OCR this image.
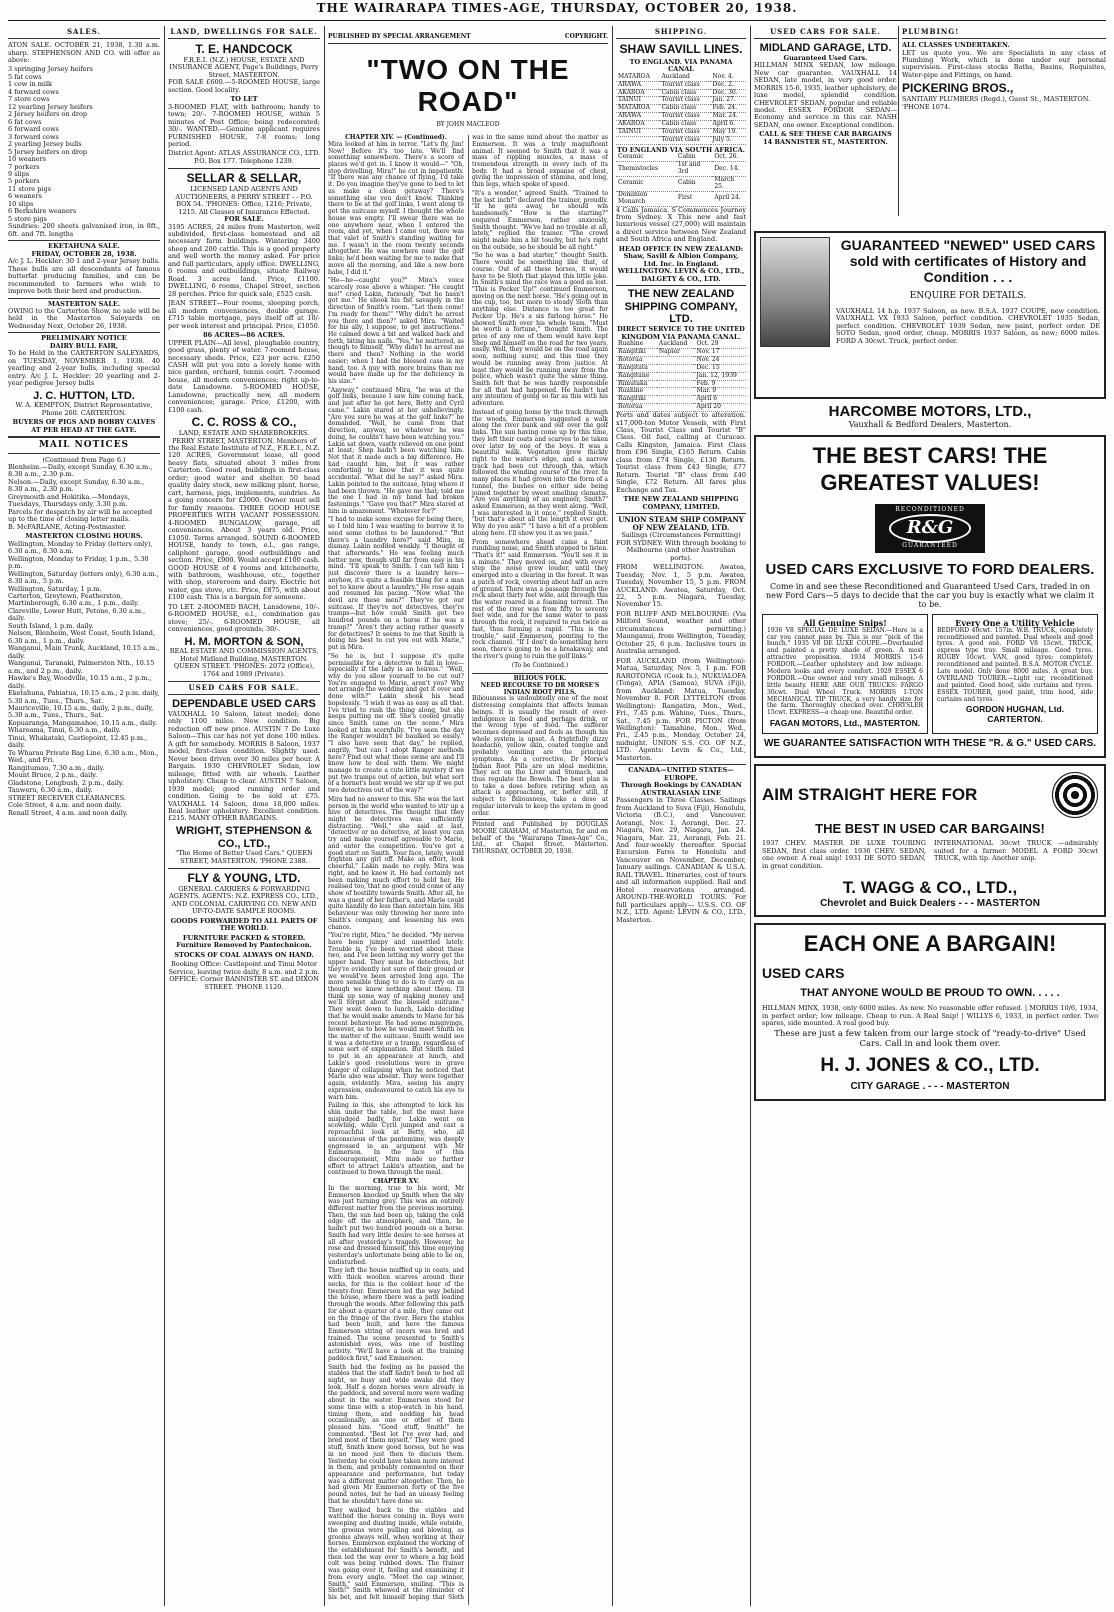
THE WAIRARAPA TIMES-AGE, THURSDAY, OCTOBER 20, 1938.
SALES.

ATON SALE. OCTOBER 21, 1938, 1.30 a.m. sharp. STEPHENSON AND CO. will offer as above:

3 springing Jersey heifers
5 fat cows
1 cow in milk
4 forward cows
7 store cows
12 yearling Jersey heifers
2 Jersey heifers on drop
6 fat cows
6 forward cows
3 forward cows
2 yearling Jersey bulls
5 Jersey heifers on drop
10 weaners
7 porkers
9 slips
5 porkers
11 store pigs
6 weaners
10 slips
6 Berkshire weaners
5 store pigs

Sundries: 200 sheets galvanised iron, in 8ft., 6ft. and 7ft. lengths

EKETAHUNA SALE.
FRIDAY, OCTOBER 28, 1938.

A/c J. L. Heckler: 30 1 and 2-year Jersey bulls. These bulls are all descendants of famous butterfat producing families, and can be recommended to farmers who wish to improve both their herd and production.

MASTERTON SALE.

OWING to the Carterton Show, no sale will be held in the Masterton Saleyards on Wednesday Next, October 26, 1938.

PRELIMINARY NOTICE
DAIRY BULL FAIR,

To be Held in the CARTERTON SALEYARDS, on TUESDAY, NOVEMBER 1, 1938. 40 yearling and 2-year bulls, including special entry. A/c J. L. Heckler: 20 yearling and 2-year pedigree Jersey bulls

J. C. HUTTON, LTD.
W. A. KEMPTON, District Representative, Phone 260. CARTERTON.
BUYERS OF PIGS AND BOBBY CALVES AT PER HEAD AT THE GATE.
MAIL NOTICES
(Continued from Page 6.)
Blenheim.—Daily, except Sunday, 6.30 a.m., 8.30 a.m., 2.30 p.m.
Nelson.—Daily, except Sunday, 6.30 a.m., 8.30 a.m., 2.30 p.m.
Greymouth and Hokitika.—Mondays, Tuesdays, Thursdays only, 3.30 p.m.
Parcels for despatch by air will be accepted up to the time of closing letter mails.
B. McFARLANE, Acting-Postmaster.
MASTERTON CLOSING HOURS.
Wellington, Monday to Friday (letters only), 6.30 a.m., 8.30 a.m.
Wellington, Monday to Friday, 1 p.m., 5.30 p.m.
Wellington, Saturday (letters only), 6.30 a.m., 8.30 a.m., 5 p.m.
Wellington, Saturday, 1 p.m.
Carterton, Greytown, Featherston, Martinborough, 6.30 a.m., 1 p.m., daily.
Clareville, Lower Hutt, Petone, 6.30 a.m., daily.
South Island, 1 p.m. daily.
Nelson, Blenheim, West Coast, South Island, 6.30 a.m., 1 p.m., daily.
Wanganui, Main Trunk, Auckland, 10.15 a.m., daily.
Wanganui, Taranaki, Palmerston Nth., 10.15 a.m., and 2 p.m., daily.
Hawke's Bay, Woodville, 10.15 a.m., 2 p.m., daily.
Eketahuna, Pahiatua, 10.15 a.m., 2 p.m. daily, 5.30 a.m., Tues., Thurs., Sat.
Mauriceville, 10.15 a.m., daily, 2 p.m., daily, 5.30 a.m., Tues., Thurs., Sat.
Kopuaranga, Mangamahoe, 10.15 a.m., daily.
Whareama, Tinui, 6.30 a.m., daily.
Tinui, Whakataki, Castlepoint, 12.45 p.m., daily.
Te Wharau Private Bag Line, 6.30 a.m., Mon., Wed., and Fri.
Rangitumau, 7.30 a.m., daily.
Mount Bruce, 2 p.m., daily.
Gladstone, Longbush, 2 p.m., daily.
Tauweru, 6.30 a.m., daily.
STREET RECEIVER CLEARANCES.
Cole Street, 4 a.m. and noon daily.
Renall Street, 4 a.m. and noon daily.
LAND, DWELLINGS FOR SALE.
T. E. HANDCOCK
F.R.E.I. (N.Z.) HOUSE, ESTATE AND INSURANCE AGENT, Page's Buildings, Perry Street, MASTERTON.

FOR SALE £600.—5-ROOMED HOUSE, large section. Good locality.

TO LET

3-ROOMED FLAT, with bathroom; handy to town; 20/-. 7-ROOMED HOUSE, within 5 minutes of Post Office; being redecorated; 30/-. WANTED.—Genuine applicant requires FURNISHED HOUSE, 7-8 rooms; long period.

District Agent: ATLAS ASSURANCE CO., LTD. P.O. Box 177. Telephone 1239.
SELLAR & SELLAR,
LICENSED LAND AGENTS AND AUCTIONEERS, 8 PERRY STREET - - P.O. BOX 54. 'PHONES: Office, 1216; Private, 1215. All Classes of Insurance Effected.
FOR SALE.

3195 ACRES, 24 miles from Masterton, well subdivided, first-class homestead and all necessary farm buildings. Wintering 3400 sheep and 200 cattle. This is a good property and well worth the money asked. For price and full particulars, apply office. DWELLING, 6 rooms and outbuildings, situate Railway Road. 3 acres land. Price, £1100. DWELLING, 6 rooms, Chapel Street, section 28 perches. Price for quick sale, £525 cash.

JEAN STREET—Four rooms, sleeping porch, all modern conveniences, double garage. £715 table mortgage, pays itself off at 10/- per week interest and principal. Price, £1050.

86 ACRES—86 ACRES.

UPPER PLAIN—All level, ploughable country, good grass, plenty of water. 7-roomed house, necessary sheds. Price, £23 per acre. £250 CASH will put you into a lovely home with nice garden, orchard, tennis court. 7-roomed house, all modern conveniences; right up-to-date Lansdowne. 5-ROOMED HOUSE, Lansdowne, practically new, all modern conveniences; garage. Price, £1200, with £100 cash.

C. C. ROSS & CO.,
LAND, ESTATE AND SHAREBROKERS. PERRY STREET, MASTERTON. Members of the Real Estate Institute of N.Z., F.R.E.I., N.Z.

120 ACRES, Government lease, all good heavy flats, situated about 3 miles from Carterton. Good road, buildings in first-class order; good water and shelter. 50 head quality dairy stock, new milking plant, horse, cart, harness, pigs, implements, sundries. As a going concern for £2000. Owner must sell for family reasons. THREE GOOD HOUSE PROPERTIES WITH VACANT POSSESSION. 4-ROOMED BUNGALOW, garage, all conveniences. About 3 years old. Price, £1050. Terms arranged. SOUND 6-ROOMED HOUSE, handy to town, e.l., gas range, caliphont garage, good outbuildings and section. Price, £900. Would accept £100 cash. GOOD HOUSE of 4 rooms and kitchenette, with bathroom, washhouse, etc., together with shop, storeroom and dairy. Electric hot water, gas stove, etc. Price, £875, with about £100 cash. This is a bargain for someone.

TO LET. 2-ROOMED BACH, Lansdowne, 10/-. 6-ROOMED HOUSE, e.l., combination gas stove; 25/-. 6-ROOMED HOUSE, all conveniences, good grounds; 30/-.

H. M. MORTON & SON,
REAL ESTATE AND COMMISSION AGENTS, Hotel Midland Building, MASTERTON. QUEEN STREET. 'PHONES: 2072 (Office), 1764 and 1989 (Private).
USED CARS FOR SALE.
DEPENDABLE USED CARS

VAUXHALL 10 Saloon, latest model; done only 1100 miles. New condition. Big reduction off new price. AUSTIN 7 De Luxe Saloon—This car has not yet done 100 miles. A gift for somebody. MORRIS 8 Saloon, 1937 model, first-class condition. Slightly used. Never been driven over 30 miles per hour. A Bargain. 1930 CHEVROLET Sedan, low mileage, fitted with air wheels. Leather upholstery. Cheap to clear. AUSTIN 7 Saloon, 1939 model; good running order and condition. Going to be sold at £75. VAUXHALL 14 Saloon, done 18,000 miles. Real leather upholstery. Excellent condition. £215. MANY OTHER BARGAINS.

WRIGHT, STEPHENSON & CO., LTD.,
"The Home of Better Used Cars." QUEEN STREET, MASTERTON. 'PHONE 2388.
FLY & YOUNG, LTD.
GENERAL CARRIERS & FORWARDING AGENTS. AGENTS: N.Z. EXPRESS CO., LTD., AND COLONIAL CARRYING CO. NEW AND UP-TO-DATE SAMPLE ROOMS.
GOODS FORWARDED TO ALL PARTS OF THE WORLD.
FURNITURE PACKED & STORED. Furniture Removed by Pantechnicon.
STOCKS OF COAL ALWAYS ON HAND.
Booking Office: Castlepoint and Tinui Motor Service, leaving twice daily, 8 a.m. and 2 p.m. OFFICE: Corner BANNISTER ST. and DIXON STREET. 'PHONE 1120.
PUBLISHED BY SPECIAL ARRANGEMENT	COPYRIGHT.
"TWO ON THE ROAD"
BY JOHN MACLEOD
CHAPTER XIV. — (Continued).

Mira looked at him in terror. "Let's fly, Jim! Now! Before it's too late. We'll find something somewhere. There's a score of places we'd get in. I know it would—" "Oh, stop drivelling, Mira!" he cut in impatiently. "If there was any chance of flying, I'd take it. Do you imagine they've gone to bed to let us make a clean getaway? There's something else you don't know. Thinking there to be at the golf links, I went along to get the suitcase myself. I thought the whole house was empty. I'll swear there was no one anywhere near, when I entered the room, and yet, when I came out, there was that valet of Smith's standing waiting for me. I wasn't in the room twenty seconds altogether. He was nowhere near the golf links; he'd been waiting for me to make that move all the morning, and like a new born babe, I did it."

"He—he—caught you?" Mira's voice scarcely rose above a whisper. "He caught me!" cried Lakin, furiously, "but he hasn't got me." He shook his fist savagely in the direction of Smith's room. "Let them come! I'm ready for them!" "Why didn't he arrest you there and then?" asked Mira. "Waited for his ally, I suppose, to get instructions." He calmed down a bit and walked back and forth, biting his nails. "Yes," he muttered, as though to himself, "Why didn't he arrest me there and then? Nothing in the world easier; when I had the blessed case in my hand, too. A guy with more brains than me would have made up for the deficiency in his size."

"Anyway," continued Mira, "he was at the golf links, because I saw him coming back, and just after he got here, Betty and Cyril came." Lakin stared at her unbelievingly. "Are you sure he was at the golf links?" he demanded. "Well, he came from that direction, anyway, so whatever he was doing, he couldn't have been watching you." Lakin sat down, vastly relieved on one point at least; Shep hadn't been watching him. Not that it made such a big difference. He had caught him, but it was rather comforting to know that it was quite accidental. "What did he say?" asked Mira. Lakin pointed to the suitcase, lying where it had been thrown. "He gave me that; told me the one I had in my hand had broken fastenings." "Gave you that?" Mira stared at him in amazement. "Whatever for?"

"I had to make some excuse for being there, so I told him I was wanting to borrow it to send some clothes to be laundered." "But there's a laundry here?" said Mira, in dismay. Lakin nodded weakly. "I thought of that afterwards." He was feeling much better now, though still far from easy in his mind. "I'll speak to Smith. I can tell him I just discover there is a laundry here—anyhow, it's quite a feasible thing for a man not to know about a laundry." He rose again and resumed his pacing. "Now what the devil are these men?" They've got our suitcase. If they're not detectives, they're tramps—but how could Smith get two hundred pounds on a horse if he was a tramp?" "Aren't they acting rather queerly for detectives? It seems to me that Smith is doing his best to cut you out with Marie," put in Mira.

"So he is, but I suppose it's quite permissible for a detective to fall in love—especially if the lady is an heiress." "Well, why do you allow yourself to be cut out? You're engaged to Marie, aren't you? Why not arrange the wedding and get it over and done with?" Lakin shook his head hopelessly. "I wish it was as easy as all that. I've tried to rush the thing along, but she keeps putting me off. She's cooled greatly since Smith came on the scene." Mira looked at him scornfully. "I've seen the day the Ranger wouldn't be baulked so easily." "I also have seen that day," he replied, angrily, "but can I adopt Ranger methods here? Find out what these swine are and I'll know how to deal with them. We might manage to create a cute little mystery if we put two tramps out of action, but what sort of a hornet's nest would we stir up if we put two detectives out of the way?"

Mira had no answer to this. She was the last person in the world who wanted to stir up a hive of detectives. The thought that they might be detectives was sufficiently distracting. "Well," she said at last, "detective or no detective, at least you can try and make yourself agreeable to Marie, and enter the competition. You've got a good start on Smith. Your face, lately, would frighten any girl off. Make an effort, look cheerful." Lakin made no reply. Mira was right, and he knew it. He had certainly not been making much effort to hold her. He realised too, that no good could come of any show of hostility towards Smith. After all, he was a guest of her father's, and Marie could quite handily do less than entertain him. His behaviour was only throwing her more into Smith's company, and lessening his own chance.

"You're right, Mira," he decided. "My nerves have been jumpy and unsettled lately. Trouble is, I've been worried about these two, and I've been letting my worry get the upper hand. They must be detectives, but they're evidently not sure of their ground or we would've been arrested long ago. The more sensible thing to do is to carry on as though we knew nothing about them. I'll think up some way of making money and we'll forget about the blessed suitcase." They went down to lunch, Lakin deciding that he would make amends to Marie for his recent behaviour. He had some misgivings, however, as to how he would meet Smith on the matter of the suitcase. Smith would see it was a detective or a tramp, regardless of some sort of explanation. But Smith failed to put in an appearance at lunch, and Lakin's good resolutions were in grave danger of collapsing when he noticed that Marie also was absent. They were together again, evidently. Mira, seeing his angry expression, endeavoured to catch his eye to warn him.

Failing in this, she attempted to kick his shin under the table, but the must have misjudged badly, for Lakin went on scowling, while Cyril jumped and cast a reproachful look at Betty, who, all unconscious of the pantomime, was deeply engrossed in an argument with Mr Emmerson. In the face of this discouragement, Mira made no further effort to attract Lakin's attention, and he continued to frown through the meal.

CHAPTER XV.

In the morning, true to his word, Mr Emmerson knocked up Smith when the sky was just turning grey. This was an entirely different matter from the previous morning. Then, the sun had been up, taking the cold edge off the atmosphere, and then, he hadn't put two hundred pounds on a horse. Smith had very little desire to see horses at all after yesterday's tragedy. However, he rose and dressed himself, this time enjoying yesterday's unfortunate being able to lie on, undisturbed.

They left the house muffled up in coats, and with thick woollen scarves around their necks, for this is the coldest hour of the twenty-four. Emmerson led the way behind the house, where there was a path leading through the woods. After following this path for about a quarter of a mile, they came out on the fringe of the river. Here the stables had been built, and here the famous Emmerson string of racers was bred and trained. The scene presented to Smith's astonished eyes, was one of bustling activity. "We'll have a look at the training paddock first," said Emmerson.

Smith had the feeling as he passed the stables that the staff hadn't been to bed all night, so busy and wide awake did they look. Half a dozen horses were already in the paddock, and several more were wading about in the water. Emmerson stood for some time with a stop-watch in his hand, timing them, and nodding his head occasionally, as one or other of them pleased him. "Good stuff, Smith!" he commented. "Best lot I've ever had, and bred most of them myself." They were good stuff, Smith knew good horses, but he was in no mood just then to discuss them. Yesterday he could have taken more interest in them, and probably commented on their appearance and performance, but today was a different matter altogether. Then, he had given Mr Emmerson forty of the five pound notes, but he had an uneasy feeling that he shouldn't have done so.

They walked back to the stables and watched the horses coming in. Boys were sweeping and dusting inside, while outside, the grooms were pulling and blowing, as grooms always will, when working at their horses. Emmerson explained the working of the establishment for Smith's benefit, and then led the way over to where a big bold colt was being rubbed down. The trainer was going over it, feeling and examining it from every angle. "Meet the cap winner, Smith," said Emmerson, smiling. "This is Sloth!" Smith whewed at the reminder of his bet, and felt himself hoping that Sloth was in the same mind about the matter as Emmerson. It was a truly magnificent animal. It seemed to Smith that it was a mass of rippling muscles, a mass of tremendous strength in every inch of its body. It had a broad expanse of chest, giving the impression of stamina, and long, thin legs, which spoke of speed.

"It's a wonder," agreed Smith. "Trained to the last inch!" declared the trainer, proudly. "If he gets away, he should win handsomely." "How is the starting?" enquired Emmerson, rather anxiously, Smith thought. "We've had no trouble at all, lately," replied the trainer. "The crowd might make him a bit touchy, but he's right on the outside, so he should be all right."

"So he was a bad starter," thought Smith. There would be something like that, of course. Out of all these horses, it would have to be Sloth that played this little joke. In Smith's mind the race was a good as lost. "This is Pecker Up!" continued Emmerson, moving on the next horse. "He's going out in the cup, too, but more to steady Sloth than anything else. Distance is too great for Pecker Up. He's a six furlong horse." He showed Smith over his whole team. "Must be worth a fortune," thought Smith. The price of any one of them would have kept Shep and himself on the road for two years, easily. Well, they would be on the road again soon, nothing surer, and this time they would be running away from justice. At least they would be running away from the police, which wasn't quite the same thing. Smith felt that he was hardly responsible for all that had happened. He hadn't had any intention of going so far as this with his adventure.

Instead of going home by the track through the woods, Emmerson suggested a walk along the river bank and out over the golf links. The sun having come up by this time, they left their coats and scarves to be taken over later by one of the boys. It was a beautiful walk. Vegetation grew thickly right to the water's edge, and a narrow track had been cut through this, which followed the winding course of the river. In many places it had grown into the form of a tunnel, the bushes on either side being joined together by sweet smelling clematis. "Are you anything of an engineer, Smith?" asked Emmerson, as they went along. "Well, I was interested in it once," replied Smith, "but that's about all the length it ever got. Why do you ask?" "I have a bit of a problem along here. I'll show you it as we pass."

From somewhere ahead came a faint rumbling noise, and Smith stopped to listen. "That's it!" said Emmerson. "You'll see it in a minute." They moved on, and with every step the noise grew louder, until they emerged into a clearing in the forest. It was a patch of rock, covering about half an acre of ground. There was a passage through the rock about thirty feet wide, and through this the water roared in a foaming torrent. The rest of the river was from fifty to seventy feet wide, and for the same water to pass through the rock, it required to run twice as fast, thus forming a rapid. "This is the trouble," said Emmerson, pointing to the rock channel. "If I don't do something here soon, there's going to be a breakaway, and the river's going to ruin the golf links."

(To be Continued.)
BILIOUS FOLK.
NEED RECOURSE TO DR MORSE'S INDIAN ROOT PILLS.

Biliousness is undoubtedly one of the most distressing complaints that affects human beings. It is usually the result of over-indulgence in food and perhaps drink, or the wrong type of food. The sufferer becomes depressed and feels as though his whole system is upset. A frightfully dizzy headache, yellow skin, coated tongue and probably vomiting are the principal symptoms. As a corrective, Dr Morse's Indian Root Pills are an ideal medicine. They act on the Liver and Stomach, and thus regulate the Bowels. The best plan is to take a dose before retiring when an attack is approaching, or, better still, if subject to Biliousness, take a dose at regular intervals to keep the system in good order.

Printed and Published by DOUGLAS MOORE GRAHAM, of Masterton, for and on behalf of the "Wairarapa Times-Age" Co., Ltd., at Chapel Street, Masterton. THURSDAY, OCTOBER 20, 1938.

SHIPPING.
SHAW SAVILL LINES.
TO ENGLAND. VIA PANAMA CANAL
MATAROA	Auckland	Nov. 4.
ARAWA	Tourist class	Dec. 2.
AKAROA	Cabin class	Dec. 30.
TAINUI	Tourist class	Jan. 27.
MATAROA	Cabin class	Feb. 24.
ARAWA	Tourist class	Mar. 24.
AKAROA	Cabin class	April 6.
TAINUI	Tourist class	May 19.
	Tourist class	July 5.
TO ENGLAND VIA SOUTH AFRICA.
Ceramic	Cabin	Oct. 26.
Themistocles	1st and 3rd	Dec. 14.
Ceramic	Cabin	March 25.
Dominion Monarch	First	April 24.

4 Calls Jamaica. S Commences Journey from Sydney. X This new and fast luxurious vessel (27,000) will maintain a direct service between New Zealand and South Africa and England.

HEAD OFFICE IN NEW ZEALAND: Shaw, Savill & Albion Company, Ltd. Inc. in England. WELLINGTON. LEVIN & CO., LTD., DALGETY & CO., LTD.

THE NEW ZEALAND SHIPPING COMPANY, LTD.
DIRECT SERVICE TO THE UNITED KINGDOM VIA PANAMA CANAL.
Ruahine	Auckland	Oct. 29
Rangitiki	Napier	Nov. 17
Rotorua		Nov. 24
Rangitata		Dec. 15
Rangitane		Jan. 12, 1939
Rimutaka		Feb. 9
Ruahine		Mar. 9
Rangitiki		April 6
Rotorua		April 20

Ports and dates subject to alteration. x17,000-ton Motor Vessels, with First Class, Tourist Class and Tourist "B" Class. Oil fuel, calling at Curacao. Calls Kingston, Jamaica. First Class from £96 Single, £165 Return. Cabin class from £74 Single, £130 Return. Tourist class from £43 Single, £77 Return. Tourist "B" class from £40 Single, £72 Return. All fares plus Exchange and Tax.

THE NEW ZEALAND SHIPPING COMPANY, LIMITED.

UNION STEAM SHIP COMPANY OF NEW ZEALAND, LTD.
Sailings (Circumstances Permitting)

FOR SYDNEY: With through booking to Melbourne (and other Australian ports).

FROM WELLINGTON: Awatea, Tuesday, Nov. 1, 5 p.m. Awatea, Tuesday, November 15, 5 p.m. FROM AUCKLAND: Awatea, Saturday, Oct. 22, 5 p.m. Niagara, Tuesday, November 15.

FOR BLUFF AND MELBOURNE: (Via Milford Sound, weather and other circumstances permitting.) Maunganui, from Wellington, Tuesday, October 25, 6 p.m. Inclusive tours in Australia arranged.

FOR AUCKLAND (from Wellington): Matua, Saturday, Nov. 5, 1 p.m. FOR RAROTONGA (Cook Is.), NUKUALOFA (Tonga), APIA (Samoa), SUVA (Fiji), from Auckland: Matua, Tuesday, November 8. FOR LYTTELTON (from Wellington): Rangatira, Mon., Wed., Fri., 7.45 p.m. Wahine, Tues., Thurs., Sat., 7.45 p.m. FOR PICTON (from Wellington): Tamahine, Mon., Wed., Fri., 2.45 p.m., Monday, October 24, midnight. UNION S.S. CO. OF N.Z., LTD. Agents: Levin & Co., Ltd., Masterton.

CANADA—UNITED STATES—EUROPE.
Through Bookings by CANADIAN AUSTRALASIAN LINE

Passengers in Three Classes. Sailings from Auckland to Suva (Fiji), Honolulu, Victoria (B.C.), and Vancouver. Aorangi, Nov. 1, Aorangi, Dec. 27. Niagara, Nov. 29, Niagara, Jan. 24. Niagara, Mar. 21, Aorangi, Feb. 21. And four-weekly thereafter. Special Excursion Fares to Honolulu and Vancouver on November, December, January sailings. CANADIAN & U.S.A. RAIL TRAVEL. Itineraries, cost of tours and all information supplied. Rail and Hotel reservations arranged. AROUND-THE-WORLD TOURS. For full particulars apply— U.S.S. CO. OF N.Z., LTD. Agent: LEVIN & CO., LTD., Masterton.

USED CARS FOR SALE.
MIDLAND GARAGE, LTD.
Guaranteed Used Cars.

HILLMAN MINX SEDAN, low mileage. New car guarantee. VAUXHALL 14 SEDAN, late model, in very good order. MORRIS 15-6, 1935, leather upholstery, de luxe model, splendid condition. CHEVROLET SEDAN, popular and reliable model. ESSEX FORDOR SEDAN—Economy and service in this car. NASH SEDAN, one owner. Exceptional condition.

CALL & SEE THESE CAR BARGAINS 14 BANNISTER ST., MASTERTON.
PLUMBING!
ALL CLASSES UNDERTAKEN.

LET us quote you. We are Specialists in any class of Plumbing Work, which is done under our personal supervision. First-class stocks Baths, Basins, Requisites, Water-pipe and Fittings, on hand.

PICKERING BROS.,
SANITARY PLUMBERS (Regd.), Guest St., MASTERTON. 'PHONE 1074.
GUARANTEED "NEWED" USED CARS sold with certificates of History and Condition . . .
ENQUIRE FOR DETAILS.

VAUXHALL 14 h.p. 1937 Saloon, as new. B.S.A. 1937 COUPE, new condition. VAUXHALL VX 1933 Saloon, perfect condition. CHEVROLET 1935 Sedan, perfect condition. CHEVROLET 1939 Sedan, new paint, perfect order. DE SOTO Sedan, good order, cheap. MORRIS 1937 Saloon, as new; 6000 miles. FORD A 30cwt. Truck, perfect order.

HARCOMBE MOTORS, LTD.,
Vauxhall & Bedford Dealers, Masterton.
THE BEST CARS! THE GREATEST VALUES!
RECONDITIONED
R&G
GUARANTEED
USED CARS EXCLUSIVE TO FORD DEALERS.

Come in and see these Reconditioned and Guaranteed Used Cars, traded in on new Ford Cars—5 days to decide that the car you buy is exactly what we claim it to be.

All Genuine Snips!

1936 V8 SPECIAL DE LUXE SEDAN.—Here is a car you cannot pass by. This is our "pick of the bunch." 1935 V8 DE LUXE COUPE.—Overhauled and painted a pretty shade of green. A most attractive proposition. 1934 MORRIS 15-6 FORDOR.—Leather upholstery and low mileage. Modern looks and every comfort. 1929 ESSEX 6 FORDOR.—One owner and very small mileage. A little beauty. HERE ARE OUR TRUCKS: FARGO 30cwt. Dual Wheel Truck. MORRIS 1-TON MECHANICAL TIP TRUCK, a very handy size for the farm. Thoroughly checked over. CHRYSLER 15cwt. EXPRESS—a cheap one. Beautiful order.

FAGAN MOTORS, Ltd., MASTERTON.
Every One a Utility Vehicle

BEDFORD 40cwt. 157in. W.B. TRUCK, completely reconditioned and painted. Dual wheels and good tyres. A good one. FORD V8 15cwt. TRUCK, express type tray. Small mileage. Good tyres. RUGBY 10cwt. VAN, good tyres; completely reconditioned and painted. B.S.A. MOTOR CYCLE. Late model. Only done 8000 miles. A great buy. OVERLAND TOURER.—Light car, reconditioned and painted. Good hood, side curtains and tyres. ESSEX TOURER, good paint, trim hood, side curtains and tyres.

GORDON HUGHAN, Ltd. CARTERTON.
WE GUARANTEE SATISFACTION WITH THESE "R. & G." USED CARS.
AIM STRAIGHT HERE FOR
THE BEST IN USED CAR BARGAINS!

1937 CHEV. MASTER DE LUXE TOURING SEDAN, first class order. 1936 CHEV. SEDAN, one owner. A real snip! 1931 DE SOTO SEDAN, in great condition.

INTERNATIONAL 30cwt TRUCK —admirably suited for a farmer. MODEL A FORD 30cwt TRUCK, with tip. Another snip.

T. WAGG & CO., LTD.,
Chevrolet and Buick Dealers - - - MASTERTON
EACH ONE A BARGAIN!
USED CARS
THAT ANYONE WOULD BE PROUD TO OWN. . . . .

HILLMAN MINX, 1938, only 6000 miles. As new. No reasonable offer refused. | MORRIS 10/6, 1934, in perfect order; low mileage. Cheap to run. A Real Snip! | WILLYS 6, 1933, in perfect order. Two spares, side mounted. A real good buy.

These are just a few taken from our large stock of "ready-to-drive" Used Cars. Call in and look them over.

H. J. JONES & CO., LTD.
CITY GARAGE . - - - MASTERTON
